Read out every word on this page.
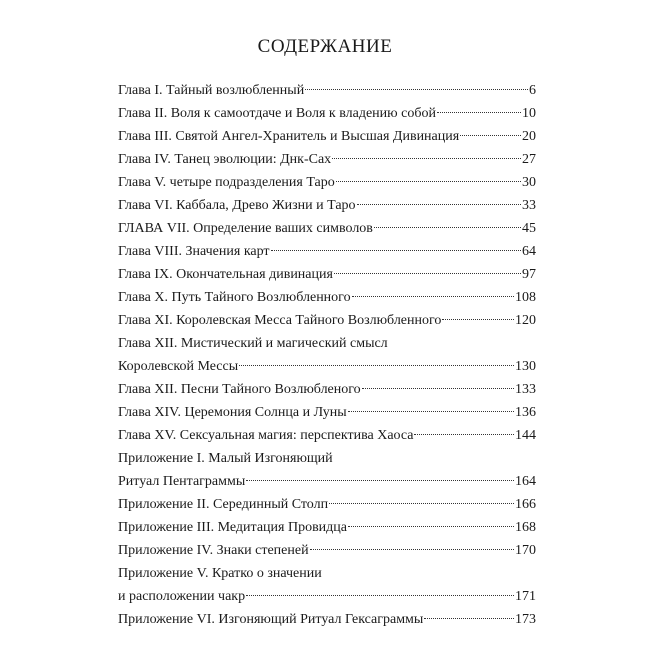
СОДЕРЖАНИЕ
Глава I. Тайный возлюбленный	6
Глава II. Воля к самоотдаче и Воля к владению собой	10
Глава III. Святой Ангел-Хранитель и Высшая Дивинация	20
Глава IV. Танец эволюции: Днк-Сах	27
Глава V. четыре подразделения Таро	30
Глава VI. Каббала, Древо Жизни и Таро	33
ГЛАВА VII. Определение ваших символов	45
Глава VIII. Значения карт	64
Глава IX. Окончательная дивинация	97
Глава X. Путь Тайного Возлюбленного	108
Глава XI. Королевская Месса Тайного Возлюбленного	120
Глава XII. Мистический и магический смысл
Королевской Мессы	130
Глава XII. Песни Тайного Возлюбленого	133
Глава XIV. Церемония Солнца и Луны	136
Глава XV. Сексуальная магия: перспектива Хаоса	144
Приложение I. Малый Изгоняющий
Ритуал Пентаграммы	164
Приложение II. Серединный Столп	166
Приложение III. Медитация Провидца	168
Приложение IV. Знаки степеней	170
Приложение V. Кратко о значении
и расположении чакр	171
Приложение VI. Изгоняющий Ритуал Гексаграммы	173
